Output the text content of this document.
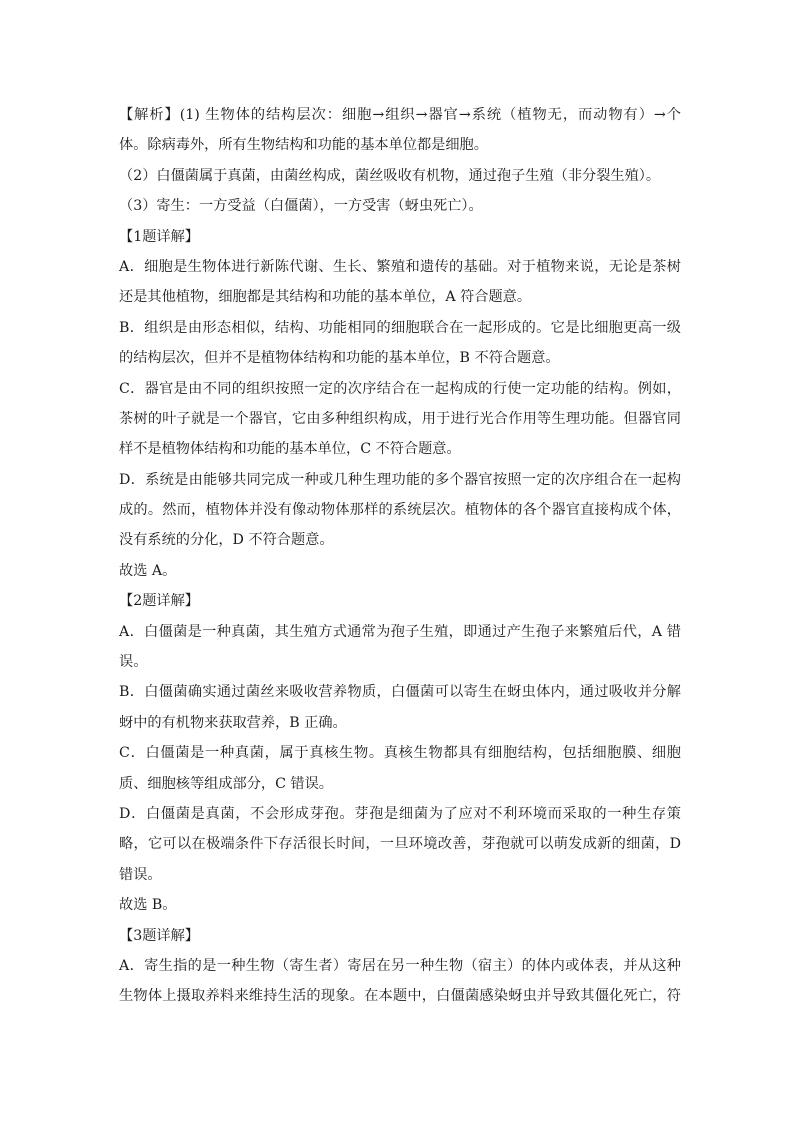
【解析】(1) 生物体的结构层次：细胞→组织→器官→系统（植物无，而动物有）→个
体。除病毒外，所有生物结构和功能的基本单位都是细胞。
（2）白僵菌属于真菌，由菌丝构成，菌丝吸收有机物，通过孢子生殖（非分裂生殖）。
（3）寄生：一方受益（白僵菌），一方受害（蚜虫死亡）。
【1题详解】
A．细胞是生物体进行新陈代谢、生长、繁殖和遗传的基础。对于植物来说，无论是茶树
还是其他植物，细胞都是其结构和功能的基本单位，A 符合题意。
B．组织是由形态相似，结构、功能相同的细胞联合在一起形成的。它是比细胞更高一级
的结构层次，但并不是植物体结构和功能的基本单位，B 不符合题意。
C．器官是由不同的组织按照一定的次序结合在一起构成的行使一定功能的结构。例如，
茶树的叶子就是一个器官，它由多种组织构成，用于进行光合作用等生理功能。但器官同
样不是植物体结构和功能的基本单位，C 不符合题意。
D．系统是由能够共同完成一种或几种生理功能的多个器官按照一定的次序组合在一起构
成的。然而，植物体并没有像动物体那样的系统层次。植物体的各个器官直接构成个体，
没有系统的分化，D 不符合题意。
故选 A。
【2题详解】
A．白僵菌是一种真菌，其生殖方式通常为孢子生殖，即通过产生孢子来繁殖后代，A 错
误。
B．白僵菌确实通过菌丝来吸收营养物质，白僵菌可以寄生在蚜虫体内，通过吸收并分解
蚜中的有机物来获取营养，B 正确。
C．白僵菌是一种真菌，属于真核生物。真核生物都具有细胞结构，包括细胞膜、细胞
质、细胞核等组成部分，C 错误。
D．白僵菌是真菌，不会形成芽孢。芽孢是细菌为了应对不利环境而采取的一种生存策
略，它可以在极端条件下存活很长时间，一旦环境改善，芽孢就可以萌发成新的细菌，D
错误。
故选 B。
【3题详解】
A．寄生指的是一种生物（寄生者）寄居在另一种生物（宿主）的体内或体表，并从这种
生物体上摄取养料来维持生活的现象。在本题中，白僵菌感染蚜虫并导致其僵化死亡，符
